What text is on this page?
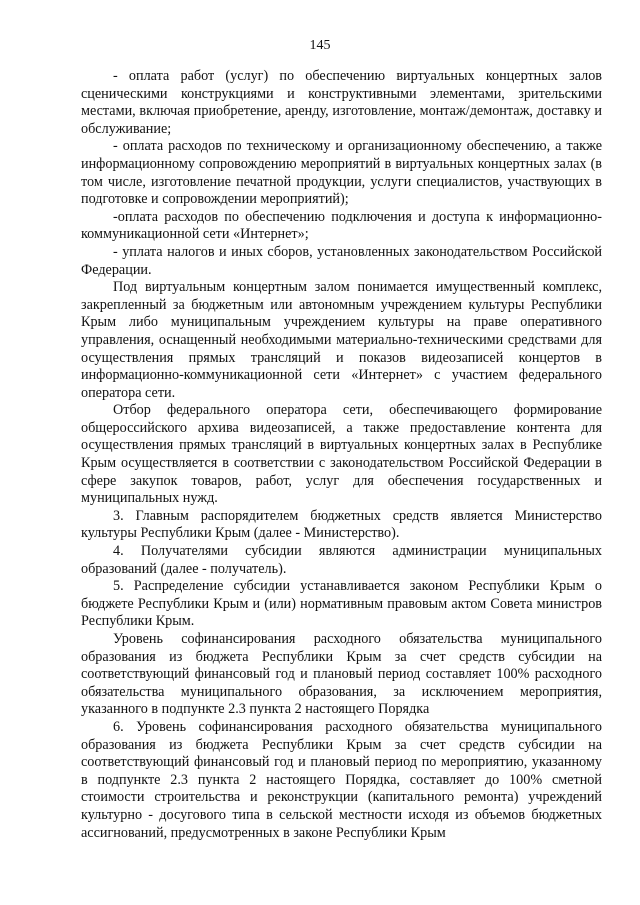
145

- оплата работ (услуг) по обеспечению виртуальных концертных залов сценическими конструкциями и конструктивными элементами, зрительскими местами, включая приобретение, аренду, изготовление, монтаж/демонтаж, доставку и обслуживание;

- оплата расходов по техническому и организационному обеспечению, а также информационному сопровождению мероприятий в виртуальных концертных залах (в том числе, изготовление печатной продукции, услуги специалистов, участвующих в подготовке и сопровождении мероприятий);

-оплата расходов по обеспечению подключения и доступа к информационно-коммуникационной сети «Интернет»;

- уплата налогов и иных сборов, установленных законодательством Российской Федерации.

Под виртуальным концертным залом понимается имущественный комплекс, закрепленный за бюджетным или автономным учреждением культуры Республики Крым либо муниципальным учреждением культуры на праве оперативного управления, оснащенный необходимыми материально-техническими средствами для осуществления прямых трансляций и показов видеозаписей концертов в информационно-коммуникационной сети «Интернет» с участием федерального оператора сети.

Отбор федерального оператора сети, обеспечивающего формирование общероссийского архива видеозаписей, а также предоставление контента для осуществления прямых трансляций в виртуальных концертных залах в Республике Крым осуществляется в соответствии с законодательством Российской Федерации в сфере закупок товаров, работ, услуг для обеспечения государственных и муниципальных нужд.

3. Главным распорядителем бюджетных средств является Министерство культуры Республики Крым (далее - Министерство).

4. Получателями субсидии являются администрации муниципальных образований (далее - получатель).

5. Распределение субсидии устанавливается законом Республики Крым о бюджете Республики Крым и (или) нормативным правовым актом Совета министров Республики Крым.

Уровень софинансирования расходного обязательства муниципального образования из бюджета Республики Крым за счет средств субсидии на соответствующий финансовый год и плановый период составляет 100% расходного обязательства муниципального образования, за исключением мероприятия, указанного в подпункте 2.3 пункта 2 настоящего Порядка

6. Уровень софинансирования расходного обязательства муниципального образования из бюджета Республики Крым за счет средств субсидии на соответствующий финансовый год и плановый период по мероприятию, указанному в подпункте 2.3 пункта 2 настоящего Порядка, составляет до 100% сметной стоимости строительства и реконструкции (капитального ремонта) учреждений культурно - досугового типа в сельской местности исходя из объемов бюджетных ассигнований, предусмотренных в законе Республики Крым
